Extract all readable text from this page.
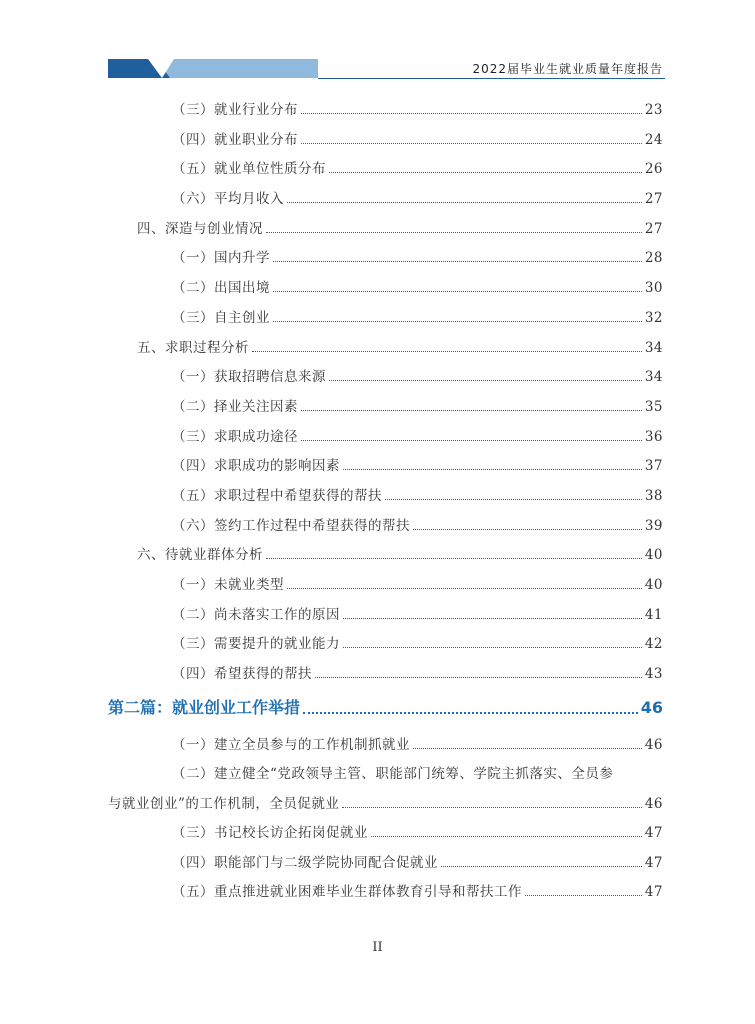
2022届毕业生就业质量年度报告
（三）就业行业分布	23
（四）就业职业分布	24
（五）就业单位性质分布	26
（六）平均月收入	27
四、深造与创业情况	27
（一）国内升学	28
（二）出国出境	30
（三）自主创业	32
五、求职过程分析	34
（一）获取招聘信息来源	34
（二）择业关注因素	35
（三）求职成功途径	36
（四）求职成功的影响因素	37
（五）求职过程中希望获得的帮扶	38
（六）签约工作过程中希望获得的帮扶	39
六、待就业群体分析	40
（一）未就业类型	40
（二）尚未落实工作的原因	41
（三）需要提升的就业能力	42
（四）希望获得的帮扶	43
第二篇：就业创业工作举措	46
（一）建立全员参与的工作机制抓就业	46
（二）建立健全“党政领导主管、职能部门统筹、学院主抓落实、全员参
与就业创业”的工作机制，全员促就业	46
（三）书记校长访企拓岗促就业	47
（四）职能部门与二级学院协同配合促就业	47
（五）重点推进就业困难毕业生群体教育引导和帮扶工作	47
II
